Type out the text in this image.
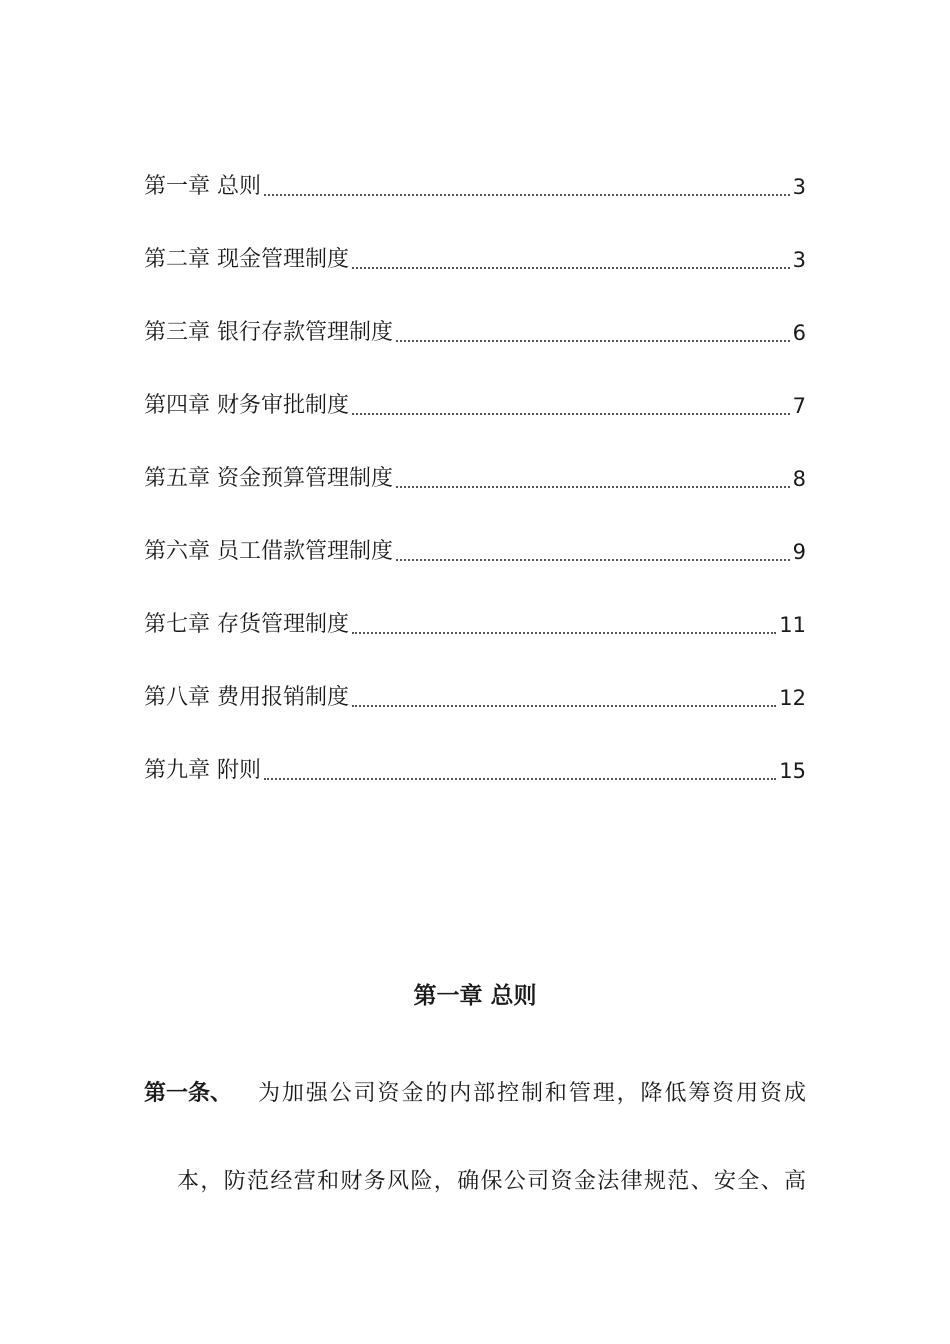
第一章 总则	3
第二章 现金管理制度	3
第三章 银行存款管理制度	6
第四章 财务审批制度	7
第五章 资金预算管理制度	8
第六章 员工借款管理制度	9
第七章 存货管理制度	11
第八章 费用报销制度	12
第九章 附则	15
第一章 总则
第一条、	为加强公司资金的内部控制和管理，降低筹资用资成
本，防范经营和财务风险，确保公司资金法律规范、安全、高
